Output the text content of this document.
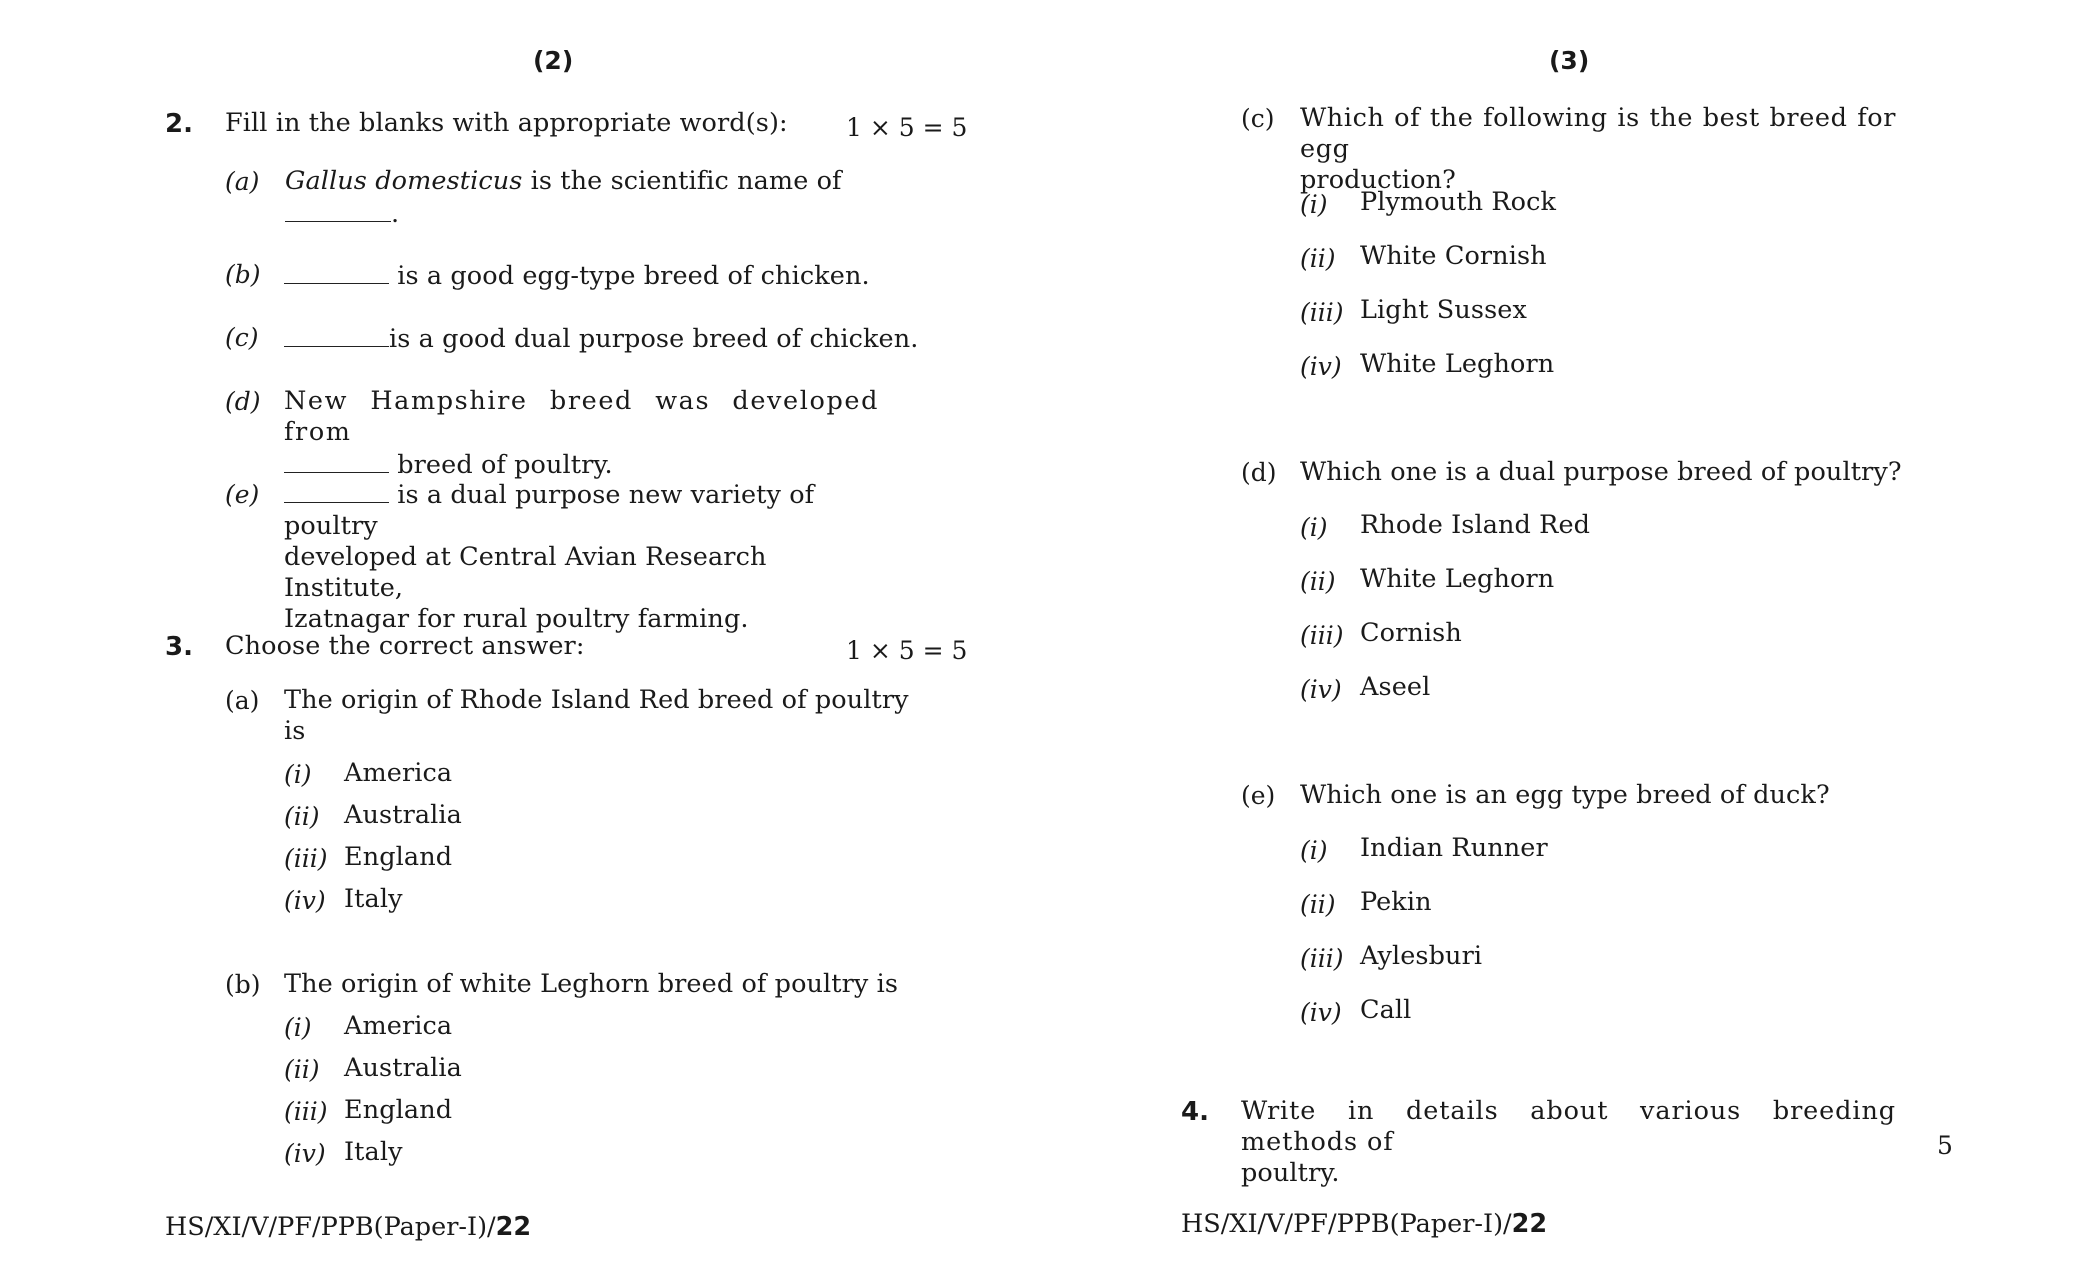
(2)
2. Fill in the blanks with appropriate word(s): 1 × 5 = 5
(a) Gallus domesticus is the scientific name of
.
(b)	is a good egg-type breed of chicken.
(c)	is a good dual purpose breed of chicken.
(d) New Hampshire breed was developed from
breed of poultry.
(e)	is a dual purpose new variety of poultry
developed at Central Avian Research Institute,
Izatnagar for rural poultry farming.
3. Choose the correct answer:	1 × 5 = 5
(a) The origin of Rhode Island Red breed of poultry
is
(i) America
(ii) Australia
(iii) England
(iv) Italy
(b) The origin of white Leghorn breed of poultry is
(i) America
(ii) Australia
(iii) England
(iv) Italy
HS/XI/V/PF/PPB(Paper-I)/22
(3)
(c) Which of the following is the best breed for egg
production?
(i) Plymouth Rock
(ii) White Cornish
(iii) Light Sussex
(iv) White Leghorn
(d) Which one is a dual purpose breed of poultry?
(i) Rhode Island Red
(ii) White Leghorn
(iii) Cornish
(iv) Aseel
(e) Which one is an egg type breed of duck?
(i) Indian Runner
(ii) Pekin
(iii) Aylesburi
(iv) Call
4. Write in details about various breeding methods of
poultry.
5
HS/XI/V/PF/PPB(Paper-I)/22
